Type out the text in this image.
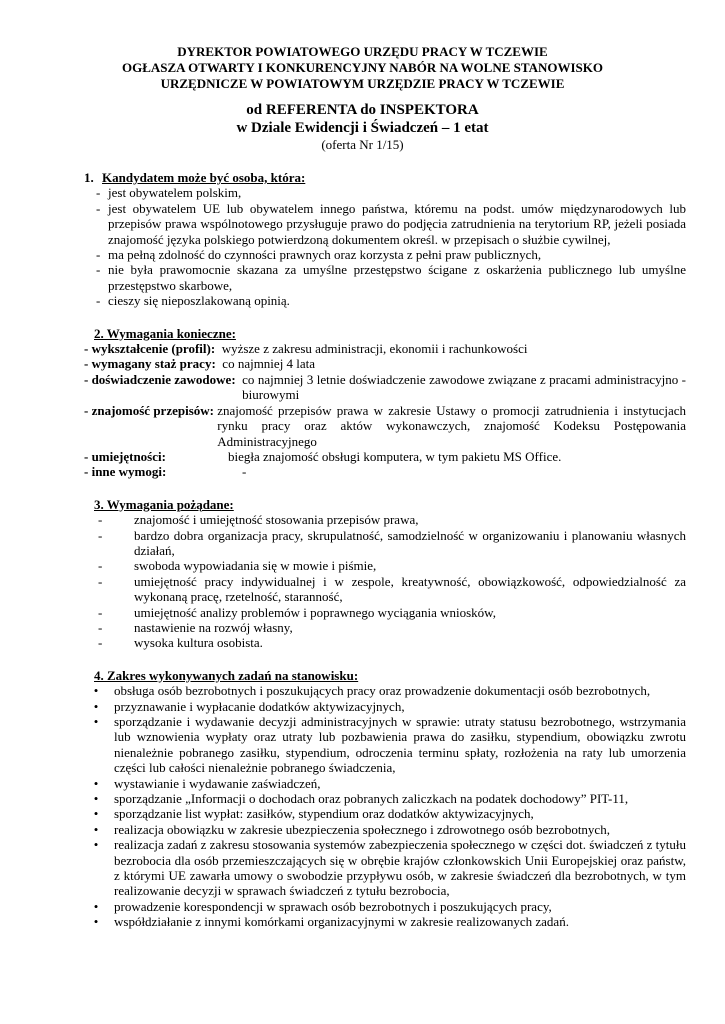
DYREKTOR POWIATOWEGO URZĘDU PRACY W TCZEWIE
OGŁASZA OTWARTY I KONKURENCYJNY NABÓR NA WOLNE STANOWISKO
URZĘDNICZE W POWIATOWYM URZĘDZIE PRACY W TCZEWIE
od REFERENTA do INSPEKTORA
w Dziale Ewidencji i Świadczeń – 1 etat
(oferta Nr 1/15)
1. Kandydatem może być osoba, która:
- jest obywatelem polskim,
- jest obywatelem UE lub obywatelem innego państwa, któremu na podst. umów międzynarodowych lub przepisów prawa wspólnotowego przysługuje prawo do podjęcia zatrudnienia na terytorium RP, jeżeli posiada znajomość języka polskiego potwierdzoną dokumentem określ. w przepisach o służbie cywilnej,
- ma pełną zdolność do czynności prawnych oraz korzysta z pełni praw publicznych,
- nie była prawomocnie skazana za umyślne przestępstwo ścigane z oskarżenia publicznego lub umyślne przestępstwo skarbowe,
- cieszy się nieposzlakowaną opinią.
2. Wymagania konieczne:
- wykształcenie (profil):
wyższe z zakresu administracji, ekonomii i rachunkowości
- wymagany staż pracy:
co najmniej 4 lata
- doświadczenie zawodowe:
co najmniej 3 letnie doświadczenie zawodowe związane z pracami administracyjno - biurowymi
- znajomość przepisów:
znajomość przepisów prawa w zakresie Ustawy o promocji zatrudnienia i instytucjach rynku pracy oraz aktów wykonawczych, znajomość Kodeksu Postępowania Administracyjnego
- umiejętności:	biegła znajomość obsługi komputera, w tym pakietu MS Office.
- inne wymogi:	-
3. Wymagania pożądane:
-	znajomość i umiejętność stosowania przepisów prawa,
-	bardzo dobra organizacja pracy, skrupulatność, samodzielność w organizowaniu i planowaniu własnych działań,
-	swoboda wypowiadania się w mowie i piśmie,
-	umiejętność pracy indywidualnej i w zespole, kreatywność, obowiązkowość, odpowiedzialność za wykonaną pracę, rzetelność, staranność,
-	umiejętność analizy problemów i poprawnego wyciągania wniosków,
-	nastawienie na rozwój własny,
-	wysoka kultura osobista.
4. Zakres wykonywanych zadań na stanowisku:
•	obsługa osób bezrobotnych i poszukujących pracy oraz prowadzenie dokumentacji osób bezrobotnych,
•	przyznawanie i wypłacanie dodatków aktywizacyjnych,
•	sporządzanie i wydawanie decyzji administracyjnych w sprawie: utraty statusu bezrobotnego, wstrzymania lub wznowienia wypłaty oraz utraty lub pozbawienia prawa do zasiłku, stypendium, obowiązku zwrotu nienależnie pobranego zasiłku, stypendium, odroczenia terminu spłaty, rozłożenia na raty lub umorzenia części lub całości nienależnie pobranego świadczenia,
•	wystawianie i wydawanie zaświadczeń,
•	sporządzanie „Informacji o dochodach oraz pobranych zaliczkach na podatek dochodowy” PIT-11,
•	sporządzanie list wypłat: zasiłków, stypendium oraz dodatków aktywizacyjnych,
•	realizacja obowiązku w zakresie ubezpieczenia społecznego i zdrowotnego osób bezrobotnych,
•	realizacja zadań z zakresu stosowania systemów zabezpieczenia społecznego w części dot. świadczeń z tytułu bezrobocia dla osób przemieszczających się w obrębie krajów członkowskich Unii Europejskiej oraz państw, z którymi UE zawarła umowy o swobodzie przypływu osób, w zakresie świadczeń dla bezrobotnych, w tym realizowanie decyzji w sprawach świadczeń z tytułu bezrobocia,
•	prowadzenie korespondencji w sprawach osób bezrobotnych i poszukujących pracy,
•	współdziałanie z innymi komórkami organizacyjnymi w zakresie realizowanych zadań.
